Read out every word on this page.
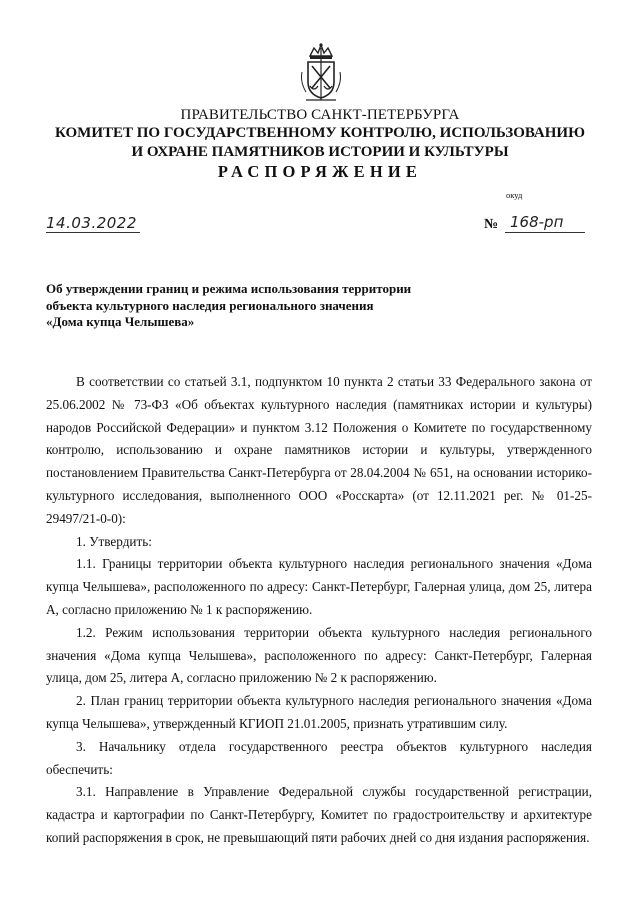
ПРАВИТЕЛЬСТВО САНКТ-ПЕТЕРБУРГА
КОМИТЕТ ПО ГОСУДАРСТВЕННОМУ КОНТРОЛЮ, ИСПОЛЬЗОВАНИЮ
И ОХРАНЕ ПАМЯТНИКОВ ИСТОРИИ И КУЛЬТУРЫ
РАСПОРЯЖЕНИЕ
окуд
14.03.2022	№ 168-рп
Об утверждении границ и режима использования территории
объекта культурного наследия регионального значения
«Дома купца Челышева»

В соответствии со статьей 3.1, подпунктом 10 пункта 2 статьи 33 Федерального закона от 25.06.2002 № 73-ФЗ «Об объектах культурного наследия (памятниках истории и культуры) народов Российской Федерации» и пунктом 3.12 Положения о Комитете по государственному контролю, использованию и охране памятников истории и культуры, утвержденного постановлением Правительства Санкт-Петербурга от 28.04.2004 № 651, на основании историко-культурного исследования, выполненного ООО «Росскарта» (от 12.11.2021 рег. № 01-25-29497/21-0-0):

1. Утвердить:

1.1. Границы территории объекта культурного наследия регионального значения «Дома купца Челышева», расположенного по адресу: Санкт-Петербург, Галерная улица, дом 25, литера А, согласно приложению № 1 к распоряжению.

1.2. Режим использования территории объекта культурного наследия регионального значения «Дома купца Челышева», расположенного по адресу: Санкт-Петербург, Галерная улица, дом 25, литера А, согласно приложению № 2 к распоряжению.

2. План границ территории объекта культурного наследия регионального значения «Дома купца Челышева», утвержденный КГИОП 21.01.2005, признать утратившим силу.

3. Начальнику отдела государственного реестра объектов культурного наследия обеспечить:

3.1. Направление в Управление Федеральной службы государственной регистрации, кадастра и картографии по Санкт-Петербургу, Комитет по градостроительству и архитектуре копий распоряжения в срок, не превышающий пяти рабочих дней со дня издания распоряжения.
